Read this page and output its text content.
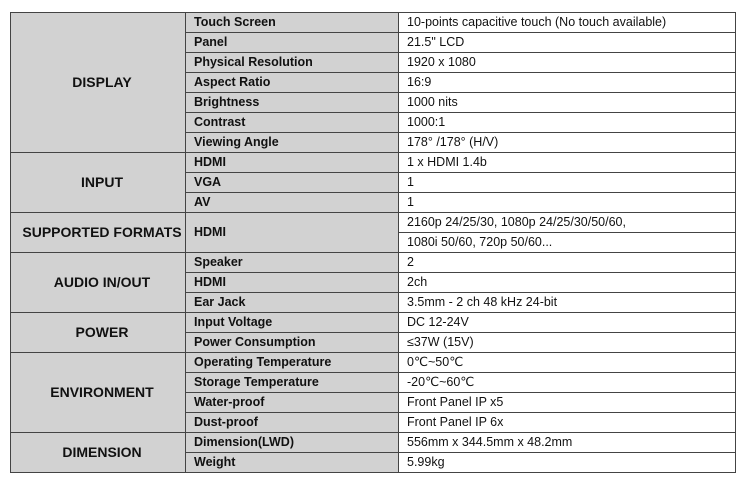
DISPLAY	Touch Screen	10-points capacitive touch (No touch available)
	Panel	21.5" LCD
	Physical Resolution	1920 x 1080
	Aspect Ratio	16:9
	Brightness	1000 nits
	Contrast	1000:1
	Viewing Angle	178° /178° (H/V)
INPUT	HDMI	1 x HDMI 1.4b
	VGA	1
	AV	1
SUPPORTED FORMATS	HDMI	2160p 24/25/30, 1080p 24/25/30/50/60,
		1080i 50/60, 720p 50/60...
AUDIO IN/OUT	Speaker	2
	HDMI	2ch
	Ear Jack	3.5mm - 2 ch 48 kHz 24-bit
POWER	Input Voltage	DC 12-24V
	Power Consumption	≤37W (15V)
ENVIRONMENT	Operating Temperature	0℃~50℃
	Storage Temperature	-20℃~60℃
	Water-proof	Front Panel IP x5
	Dust-proof	Front Panel IP 6x
DIMENSION	Dimension(LWD)	556mm x 344.5mm x 48.2mm
	Weight	5.99kg
